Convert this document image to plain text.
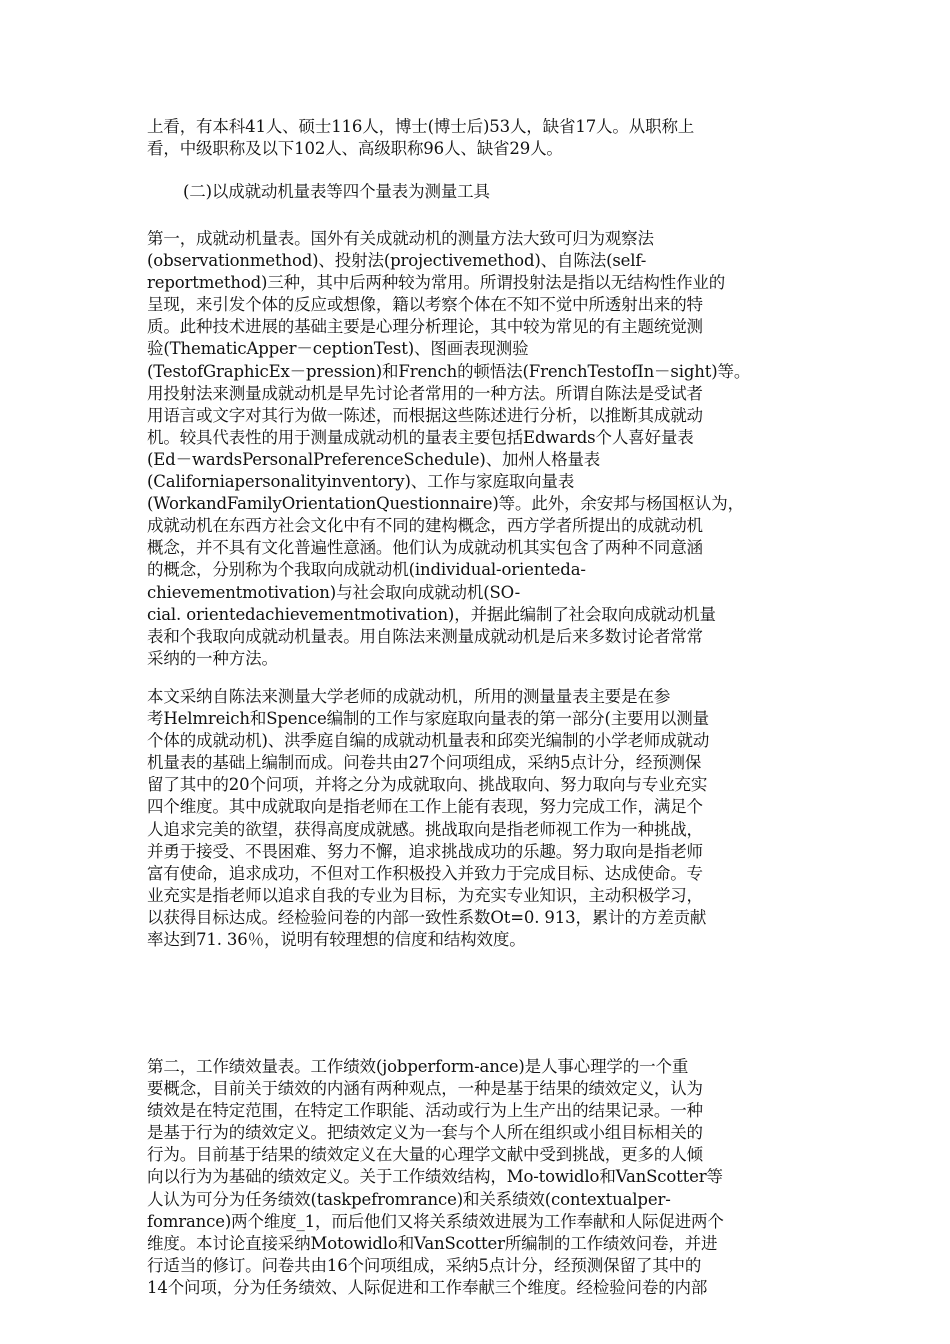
上看，有本科41人、硕士116人，博士(博士后)53人，缺省17人。从职称上
看，中级职称及以下102人、高级职称96人、缺省29人。

(二)以成就动机量表等四个量表为测量工具

第一，成就动机量表。国外有关成就动机的测量方法大致可归为观察法
(observationmethod)、投射法(projectivemethod)、自陈法(self-
reportmethod)三种，其中后两种较为常用。所谓投射法是指以无结构性作业的
呈现，来引发个体的反应或想像，籍以考察个体在不知不觉中所透射出来的特
质。此种技术进展的基础主要是心理分析理论，其中较为常见的有主题统觉测
验(ThematicApper－ceptionTest)、图画表现测验
(TestofGraphicEx－pression)和French的顿悟法(FrenchTestofIn－sight)等。
用投射法来测量成就动机是早先讨论者常用的一种方法。所谓自陈法是受试者
用语言或文字对其行为做一陈述，而根据这些陈述进行分析，以推断其成就动
机。较具代表性的用于测量成就动机的量表主要包括Edwards个人喜好量表
(Ed－wardsPersonalPreferenceSchedule)、加州人格量表
(Californiapersonalityinventory)、工作与家庭取向量表
(WorkandFamilyOrientationQuestionnaire)等。此外，余安邦与杨国枢认为，
成就动机在东西方社会文化中有不同的建构概念，西方学者所提出的成就动机
概念，并不具有文化普遍性意涵。他们认为成就动机其实包含了两种不同意涵
的概念，分别称为个我取向成就动机(individual-orienteda-
chievementmotivation)与社会取向成就动机(SO-
cial. orientedachievementmotivation)，并据此编制了社会取向成就动机量
表和个我取向成就动机量表。用自陈法来测量成就动机是后来多数讨论者常常
采纳的一种方法。

本文采纳自陈法来测量大学老师的成就动机，所用的测量量表主要是在参
考Helmreich和Spence编制的工作与家庭取向量表的第一部分(主要用以测量
个体的成就动机)、洪季庭自编的成就动机量表和邱奕光编制的小学老师成就动
机量表的基础上编制而成。问卷共由27个问项组成，采纳5点计分，经预测保
留了其中的20个问项，并将之分为成就取向、挑战取向、努力取向与专业充实
四个维度。其中成就取向是指老师在工作上能有表现，努力完成工作，满足个
人追求完美的欲望，获得高度成就感。挑战取向是指老师视工作为一种挑战，
并勇于接受、不畏困难、努力不懈，追求挑战成功的乐趣。努力取向是指老师
富有使命，追求成功，不但对工作积极投入并致力于完成目标、达成使命。专
业充实是指老师以追求自我的专业为目标，为充实专业知识，主动积极学习，
以获得目标达成。经检验问卷的内部一致性系数Ot=0. 913，累计的方差贡献
率达到71. 36％，说明有较理想的信度和结构效度。

第二，工作绩效量表。工作绩效(jobperform-ance)是人事心理学的一个重
要概念，目前关于绩效的内涵有两种观点，一种是基于结果的绩效定义，认为
绩效是在特定范围，在特定工作职能、活动或行为上生产出的结果记录。一种
是基于行为的绩效定义。把绩效定义为一套与个人所在组织或小组目标相关的
行为。目前基于结果的绩效定义在大量的心理学文献中受到挑战，更多的人倾
向以行为为基础的绩效定义。关于工作绩效结构，Mo-towidlo和VanScotter等
人认为可分为任务绩效(taskpefromrance)和关系绩效(contextualper-
fomrance)两个维度_1，而后他们又将关系绩效进展为工作奉献和人际促进两个
维度。本讨论直接采纳Motowidlo和VanScotter所编制的工作绩效问卷，并进
行适当的修订。问卷共由16个问项组成，采纳5点计分，经预测保留了其中的
14个问项，分为任务绩效、人际促进和工作奉献三个维度。经检验问卷的内部
